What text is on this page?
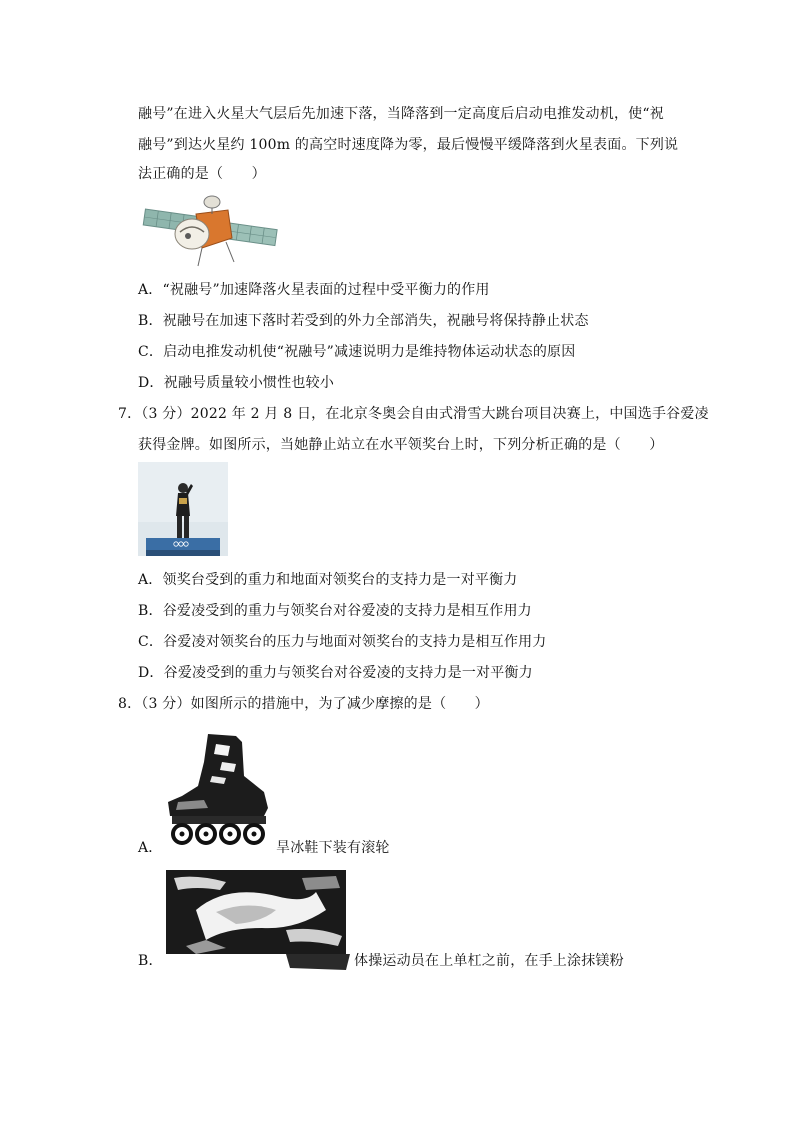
融号”在进入火星大气层后先加速下落，当降落到一定高度后启动电推发动机，使“祝
融号”到达火星约 100m 的高空时速度降为零，最后慢慢平缓降落到火星表面。下列说
法正确的是（　　）
A．“祝融号”加速降落火星表面的过程中受平衡力的作用
B．祝融号在加速下落时若受到的外力全部消失，祝融号将保持静止状态
C．启动电推发动机使“祝融号”减速说明力是维持物体运动状态的原因
D．祝融号质量较小惯性也较小
7．（3 分）2022 年 2 月 8 日，在北京冬奥会自由式滑雪大跳台项目决赛上，中国选手谷爱凌
获得金牌。如图所示，当她静止站立在水平领奖台上时，下列分析正确的是（　　）
A．领奖台受到的重力和地面对领奖台的支持力是一对平衡力
B．谷爱凌受到的重力与领奖台对谷爱凌的支持力是相互作用力
C．谷爱凌对领奖台的压力与地面对领奖台的支持力是相互作用力
D．谷爱凌受到的重力与领奖台对谷爱凌的支持力是一对平衡力
8．（3 分）如图所示的措施中，为了减少摩擦的是（　　）
A．	旱冰鞋下装有滚轮
B．	体操运动员在上单杠之前，在手上涂抹镁粉
